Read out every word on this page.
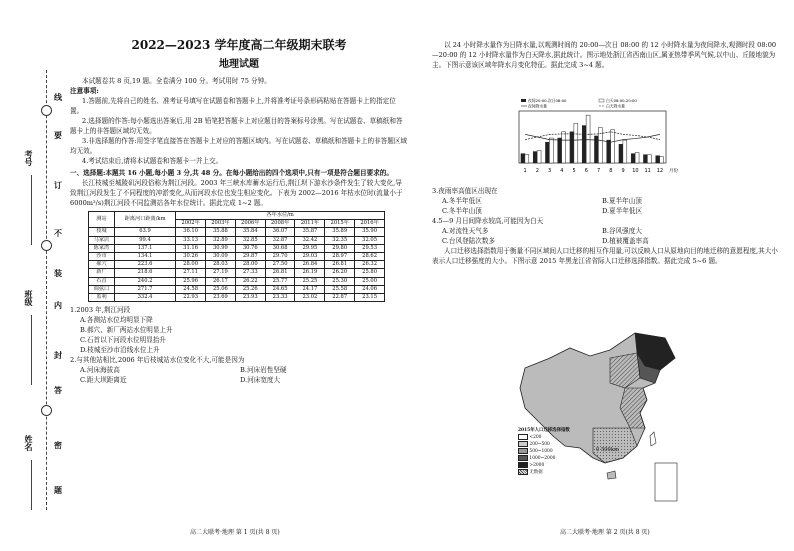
线
要
订
不
装
内
封
答
密
题
考号
班级
姓名
2022—2023 学年度高二年级期末联考
地理试题

本试题卷共 8 页,19 题。全卷满分 100 分。考试用时 75 分钟。

注意事项:

1.答题前,先将自己的姓名、准考证号填写在试题卷和答题卡上,并将准考证号条形码粘贴在答题卡上的指定位置。

2.选择题的作答:每小题选出答案后,用 2B 铅笔把答题卡上对应题目的答案标号涂黑。写在试题卷、草稿纸和答题卡上的非答题区域均无效。

3.非选择题的作答:用签字笔直接答在答题卡上对应的答题区域内。写在试题卷、草稿纸和答题卡上的非答题区域均无效。

4.考试结束后,请将本试题卷和答题卡一并上交。

一、选择题:本题共 16 小题,每小题 3 分,共 48 分。在每小题给出的四个选项中,只有一项是符合题目要求的。

长江枝城至城陵矶河段俗称为荆江河段。2003 年三峡水库蓄水运行后,荆江坝下游水沙条件发生了较大变化,导致荆江河段发生了不同程度的冲淤变化,从而河段水位也发生相应变化。下表为 2002—2016 年枯水位时(流量小于 6000m³/s)荆江河段不同监测站各年水位统计。据此完成 1~2 题。

测站	距离河口距离/km	各年水位/m						
		2002年	2003年	2006年	2008年	2011年	2015年	2016年
枝城	63.9	36.10	35.88	35.84	36.07	35.87	35.89	35.90
马家店	99.4	33.13	32.89	32.85	32.87	32.42	32.35	32.05
陈家湾	137.1	31.16	30.99	30.76	30.68	29.95	29.80	29.53
沙市	134.1	30.26	30.09	29.87	29.70	29.03	28.97	28.62
郝穴	223.6	28.00	28.03	28.00	27.50	26.84	26.81	26.32
新厂	218.6	27.11	27.19	27.33	26.81	26.19	26.20	25.80
石首	240.2	25.96	26.17	26.22	25.77	25.25	25.30	25.00
调弦口	271.7	24.58	25.06	25.26	24.65	24.17	25.58	24.06
监利	332.4	22.93	23.69	23.93	23.33	23.02	22.87	23.15

1.2003 年,荆江河段

A.各测站水位均明显下降

B.郝穴、新厂两站水位明显上升

C.石首以下河段水位明显抬升

D.枝城至沙市沿线水位上升

2.与其他站相比,2006 年后枝城站水位变化不大,可能是因为

A.河床海拔高	B.河床岩性坚硬

C.距大坝距离近	D.河床宽度大

高二大联考·地理 第 1 页(共 8 页)

以 24 小时降水量作为日降水量,以观测时间的 20:00—次日 08:00 的 12 小时降水量为夜间降水,观测时段 08:00—20:00 的 12 小时降水量作为白天降水,据此统计。图示地处浙江省西南山区,属亚热带季风气候,以中山、丘陵地貌为主。下图示意该区域年降水月变化特征。据此完成 3~4 题。

1 2 3 4 5 6 7 8 9 10 11 12 月份
夜间20:00-次日08:00	白天08:00-20:00
夜间降水量	白天降水量

3.夜雨率高值区出现在

A.冬半年低区	B.夏半年山顶

C.冬半年山顶	D.夏半年低区

4.5—9 月日间降水较高,可能因为白天

A.对流性天气多	B.谷风强度大

C.台风登陆次数多	D.植被覆盖率高

人口迁移选择指数用于衡量不同区域间人口迁移的相互作用量,可以反映人口从原地向目的地迁移的意愿程度,其大小表示人口迁移强度的大小。下图示意 2015 年黑龙江省省际人口迁移选择指数。据此完成 5~6 题。

2015年人口迁移选择指数
<200
200~500
500~1000
1000~2000
>2000
无数据
0 500km
高二大联考·地理 第 2 页(共 8 页)
